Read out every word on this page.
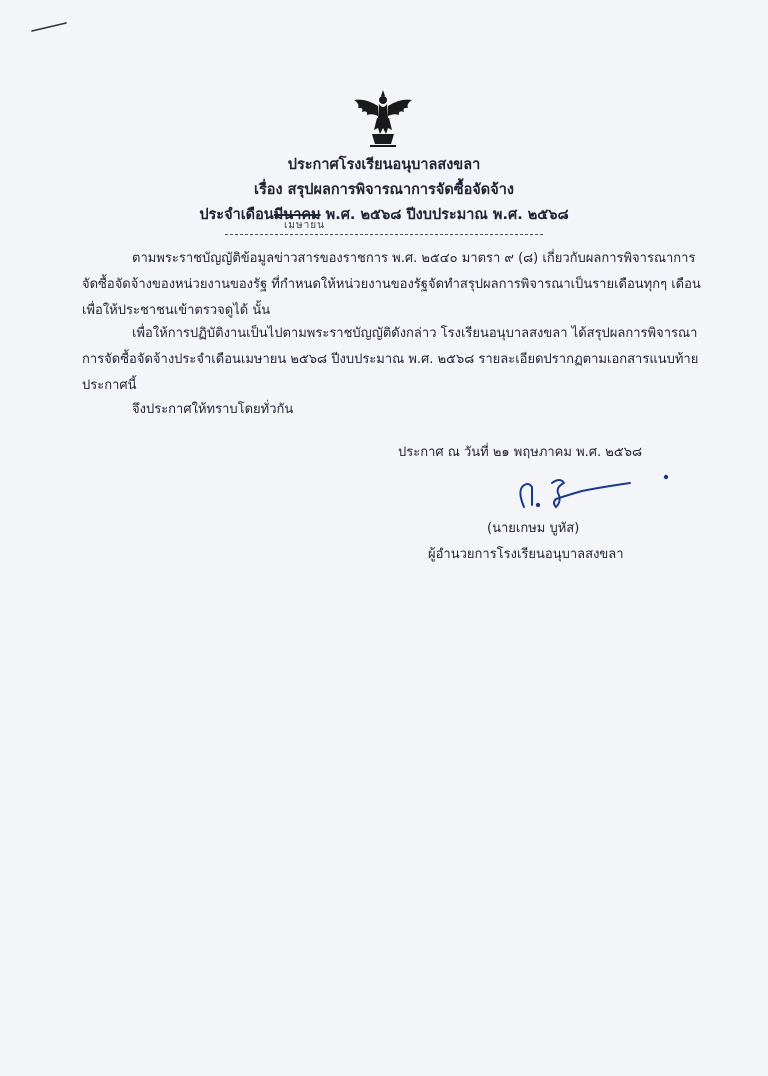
ประกาศโรงเรียนอนุบาลสงขลา
เรื่อง สรุปผลการพิจารณาการจัดซื้อจัดจ้าง
ประจำเดือนมีนาคม พ.ศ. ๒๕๖๘ ปีงบประมาณ พ.ศ. ๒๕๖๘
เมษายน
ตามพระราชบัญญัติข้อมูลข่าวสารของราชการ พ.ศ. ๒๕๔๐ มาตรา ๙ (๘) เกี่ยวกับผลการพิจารณาการจัดซื้อจัดจ้างของหน่วยงานของรัฐ ที่กำหนดให้หน่วยงานของรัฐจัดทำสรุปผลการพิจารณาเป็นรายเดือนทุกๆ เดือน เพื่อให้ประชาชนเข้าตรวจดูได้ นั้น
เพื่อให้การปฏิบัติงานเป็นไปตามพระราชบัญญัติดังกล่าว โรงเรียนอนุบาลสงขลา ได้สรุปผลการพิจารณาการจัดซื้อจัดจ้างประจำเดือนเมษายน ๒๕๖๘ ปีงบประมาณ พ.ศ. ๒๕๖๘ รายละเอียดปรากฏตามเอกสารแนบท้ายประกาศนี้
จึงประกาศให้ทราบโดยทั่วกัน
ประกาศ ณ วันที่ ๒๑ พฤษภาคม พ.ศ. ๒๕๖๘
(นายเกษม บูหัส)
ผู้อำนวยการโรงเรียนอนุบาลสงขลา
